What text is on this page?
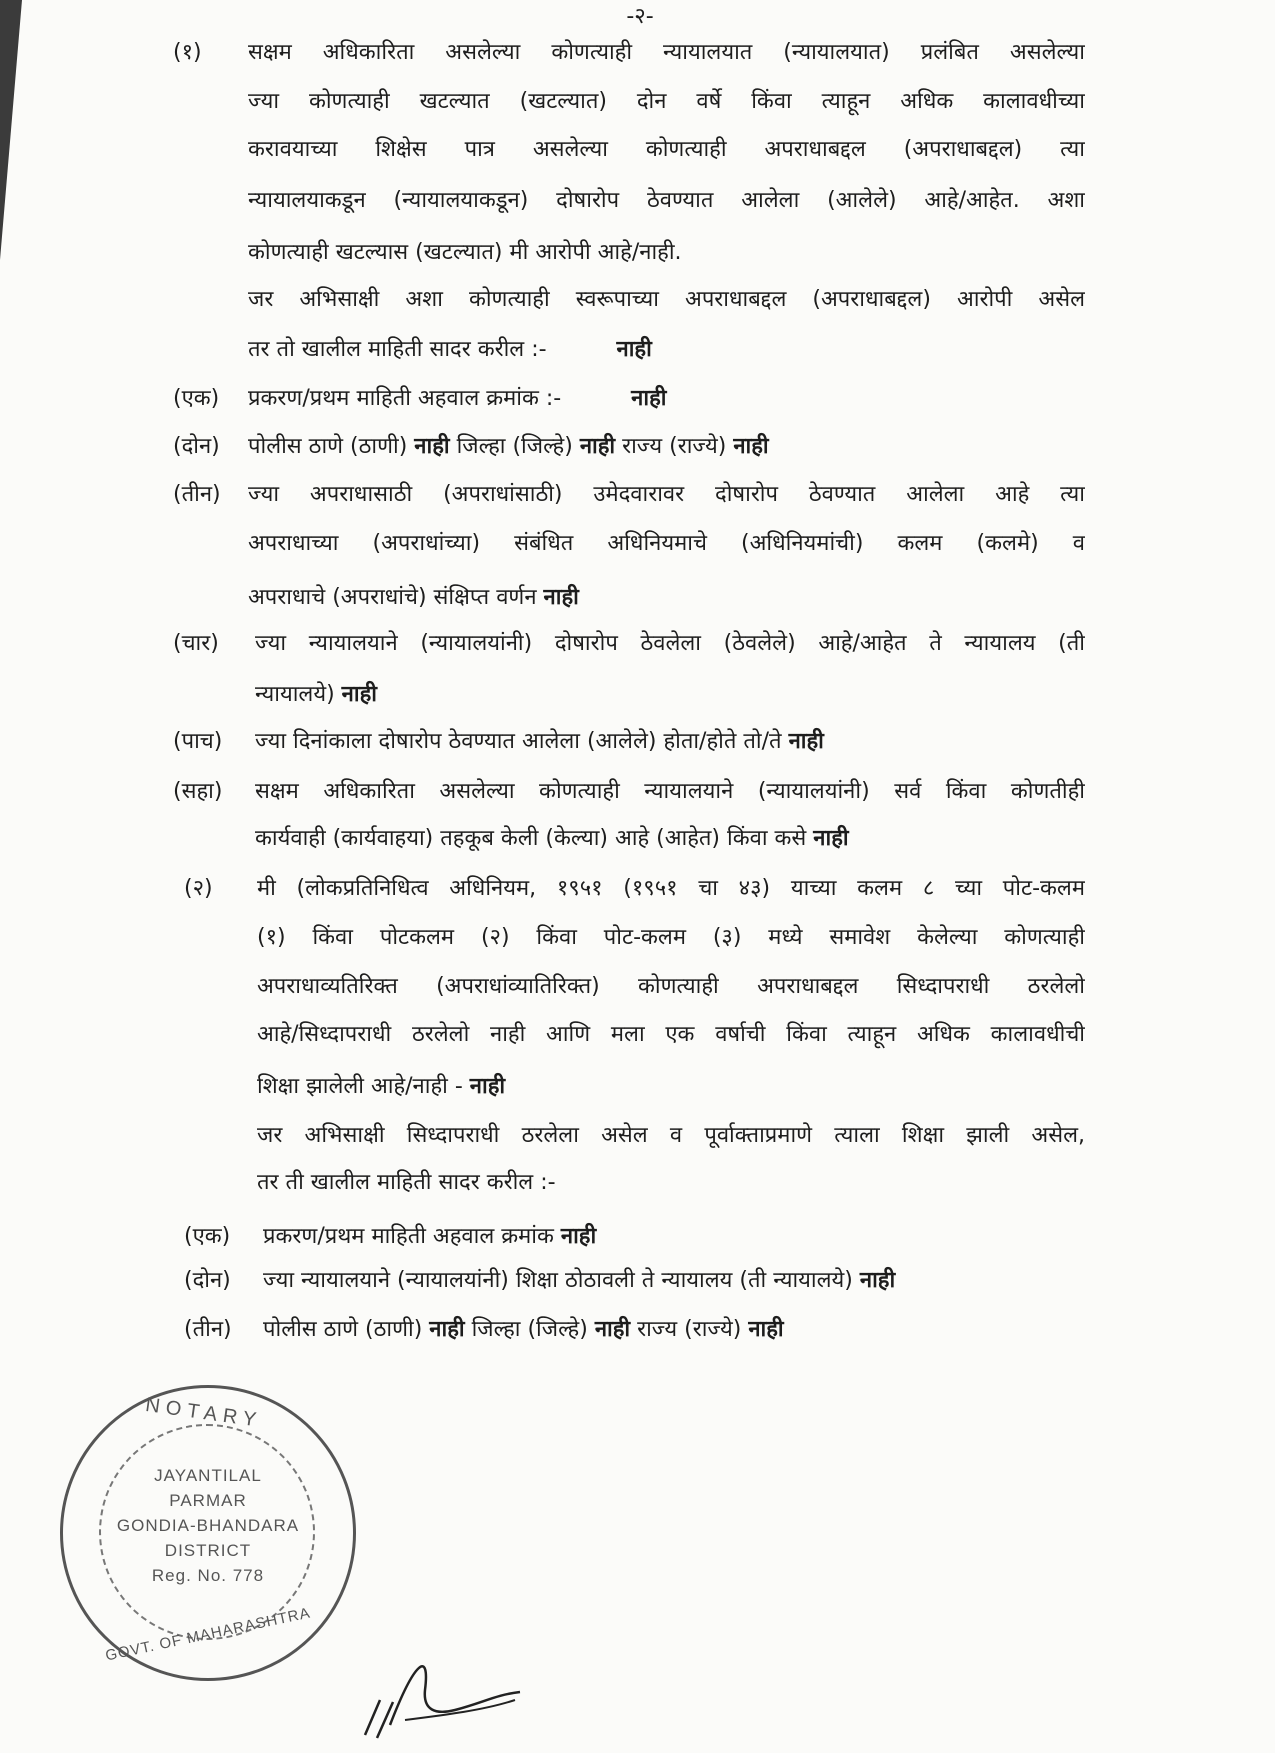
-२-
(१) सक्षम अधिकारिता असलेल्या कोणत्याही न्यायालयात (न्यायालयात) प्रलंबित असलेल्या
ज्या कोणत्याही खटल्यात (खटल्यात) दोन वर्षे किंवा त्याहून अधिक कालावधीच्या
करावयाच्या शिक्षेस पात्र असलेल्या कोणत्याही अपराधाबद्दल (अपराधाबद्दल) त्या
न्यायालयाकडून (न्यायालयाकडून) दोषारोप ठेवण्यात आलेला (आलेले) आहे/आहेत. अशा
कोणत्याही खटल्यास (खटल्यात) मी आरोपी आहे/नाही.
जर अभिसाक्षी अशा कोणत्याही स्वरूपाच्या अपराधाबद्दल (अपराधाबद्दल) आरोपी असेल
तर तो खालील माहिती सादर करील :-          नाही
(एक) प्रकरण/प्रथम माहिती अहवाल क्रमांक :-          नाही
(दोन) पोलीस ठाणे (ठाणी) नाही जिल्हा (जिल्हे) नाही राज्य (राज्ये) नाही
(तीन) ज्या अपराधासाठी (अपराधांसाठी) उमेदवारावर दोषारोप ठेवण्यात आलेला आहे त्या
अपराधाच्या (अपराधांच्या) संबंधित अधिनियमाचे (अधिनियमांची) कलम (कलमे) व
अपराधाचे (अपराधांचे) संक्षिप्त वर्णन नाही
(चार) ज्या न्यायालयाने (न्यायालयांनी) दोषारोप ठेवलेला (ठेवलेले) आहे/आहेत ते न्यायालय (ती
न्यायालये) नाही
(पाच) ज्या दिनांकाला दोषारोप ठेवण्यात आलेला (आलेले) होता/होते तो/ते नाही
(सहा) सक्षम अधिकारिता असलेल्या कोणत्याही न्यायालयाने (न्यायालयांनी) सर्व किंवा कोणतीही
कार्यवाही (कार्यवाहया) तहकूब केली (केल्या) आहे (आहेत) किंवा कसे नाही
(२) मी (लोकप्रतिनिधित्व अधिनियम, १९५१ (१९५१ चा ४३) याच्या कलम ८ च्या पोट-कलम
(१) किंवा पोटकलम (२) किंवा पोट-कलम (३) मध्ये समावेश केलेल्या कोणत्याही
अपराधाव्यतिरिक्त (अपराधांव्यातिरिक्त) कोणत्याही अपराधाबद्दल सिध्दापराधी ठरलेलो
आहे/सिध्दापराधी ठरलेलो नाही आणि मला एक वर्षाची किंवा त्याहून अधिक कालावधीची
शिक्षा झालेली आहे/नाही - नाही
जर अभिसाक्षी सिध्दापराधी ठरलेला असेल व पूर्वाक्ताप्रमाणे त्याला शिक्षा झाली असेल,
तर ती खालील माहिती सादर करील :-
(एक) प्रकरण/प्रथम माहिती अहवाल क्रमांक नाही
(दोन) ज्या न्यायालयाने (न्यायालयांनी) शिक्षा ठोठावली ते न्यायालय (ती न्यायालये) नाही
(तीन) पोलीस ठाणे (ठाणी) नाही जिल्हा (जिल्हे) नाही राज्य (राज्ये) नाही
NOTARY
JAYANTILAL
PARMAR
GONDIA-BHANDARA
DISTRICT
Reg. No. 778
GOVT. OF MAHARASHTRA
